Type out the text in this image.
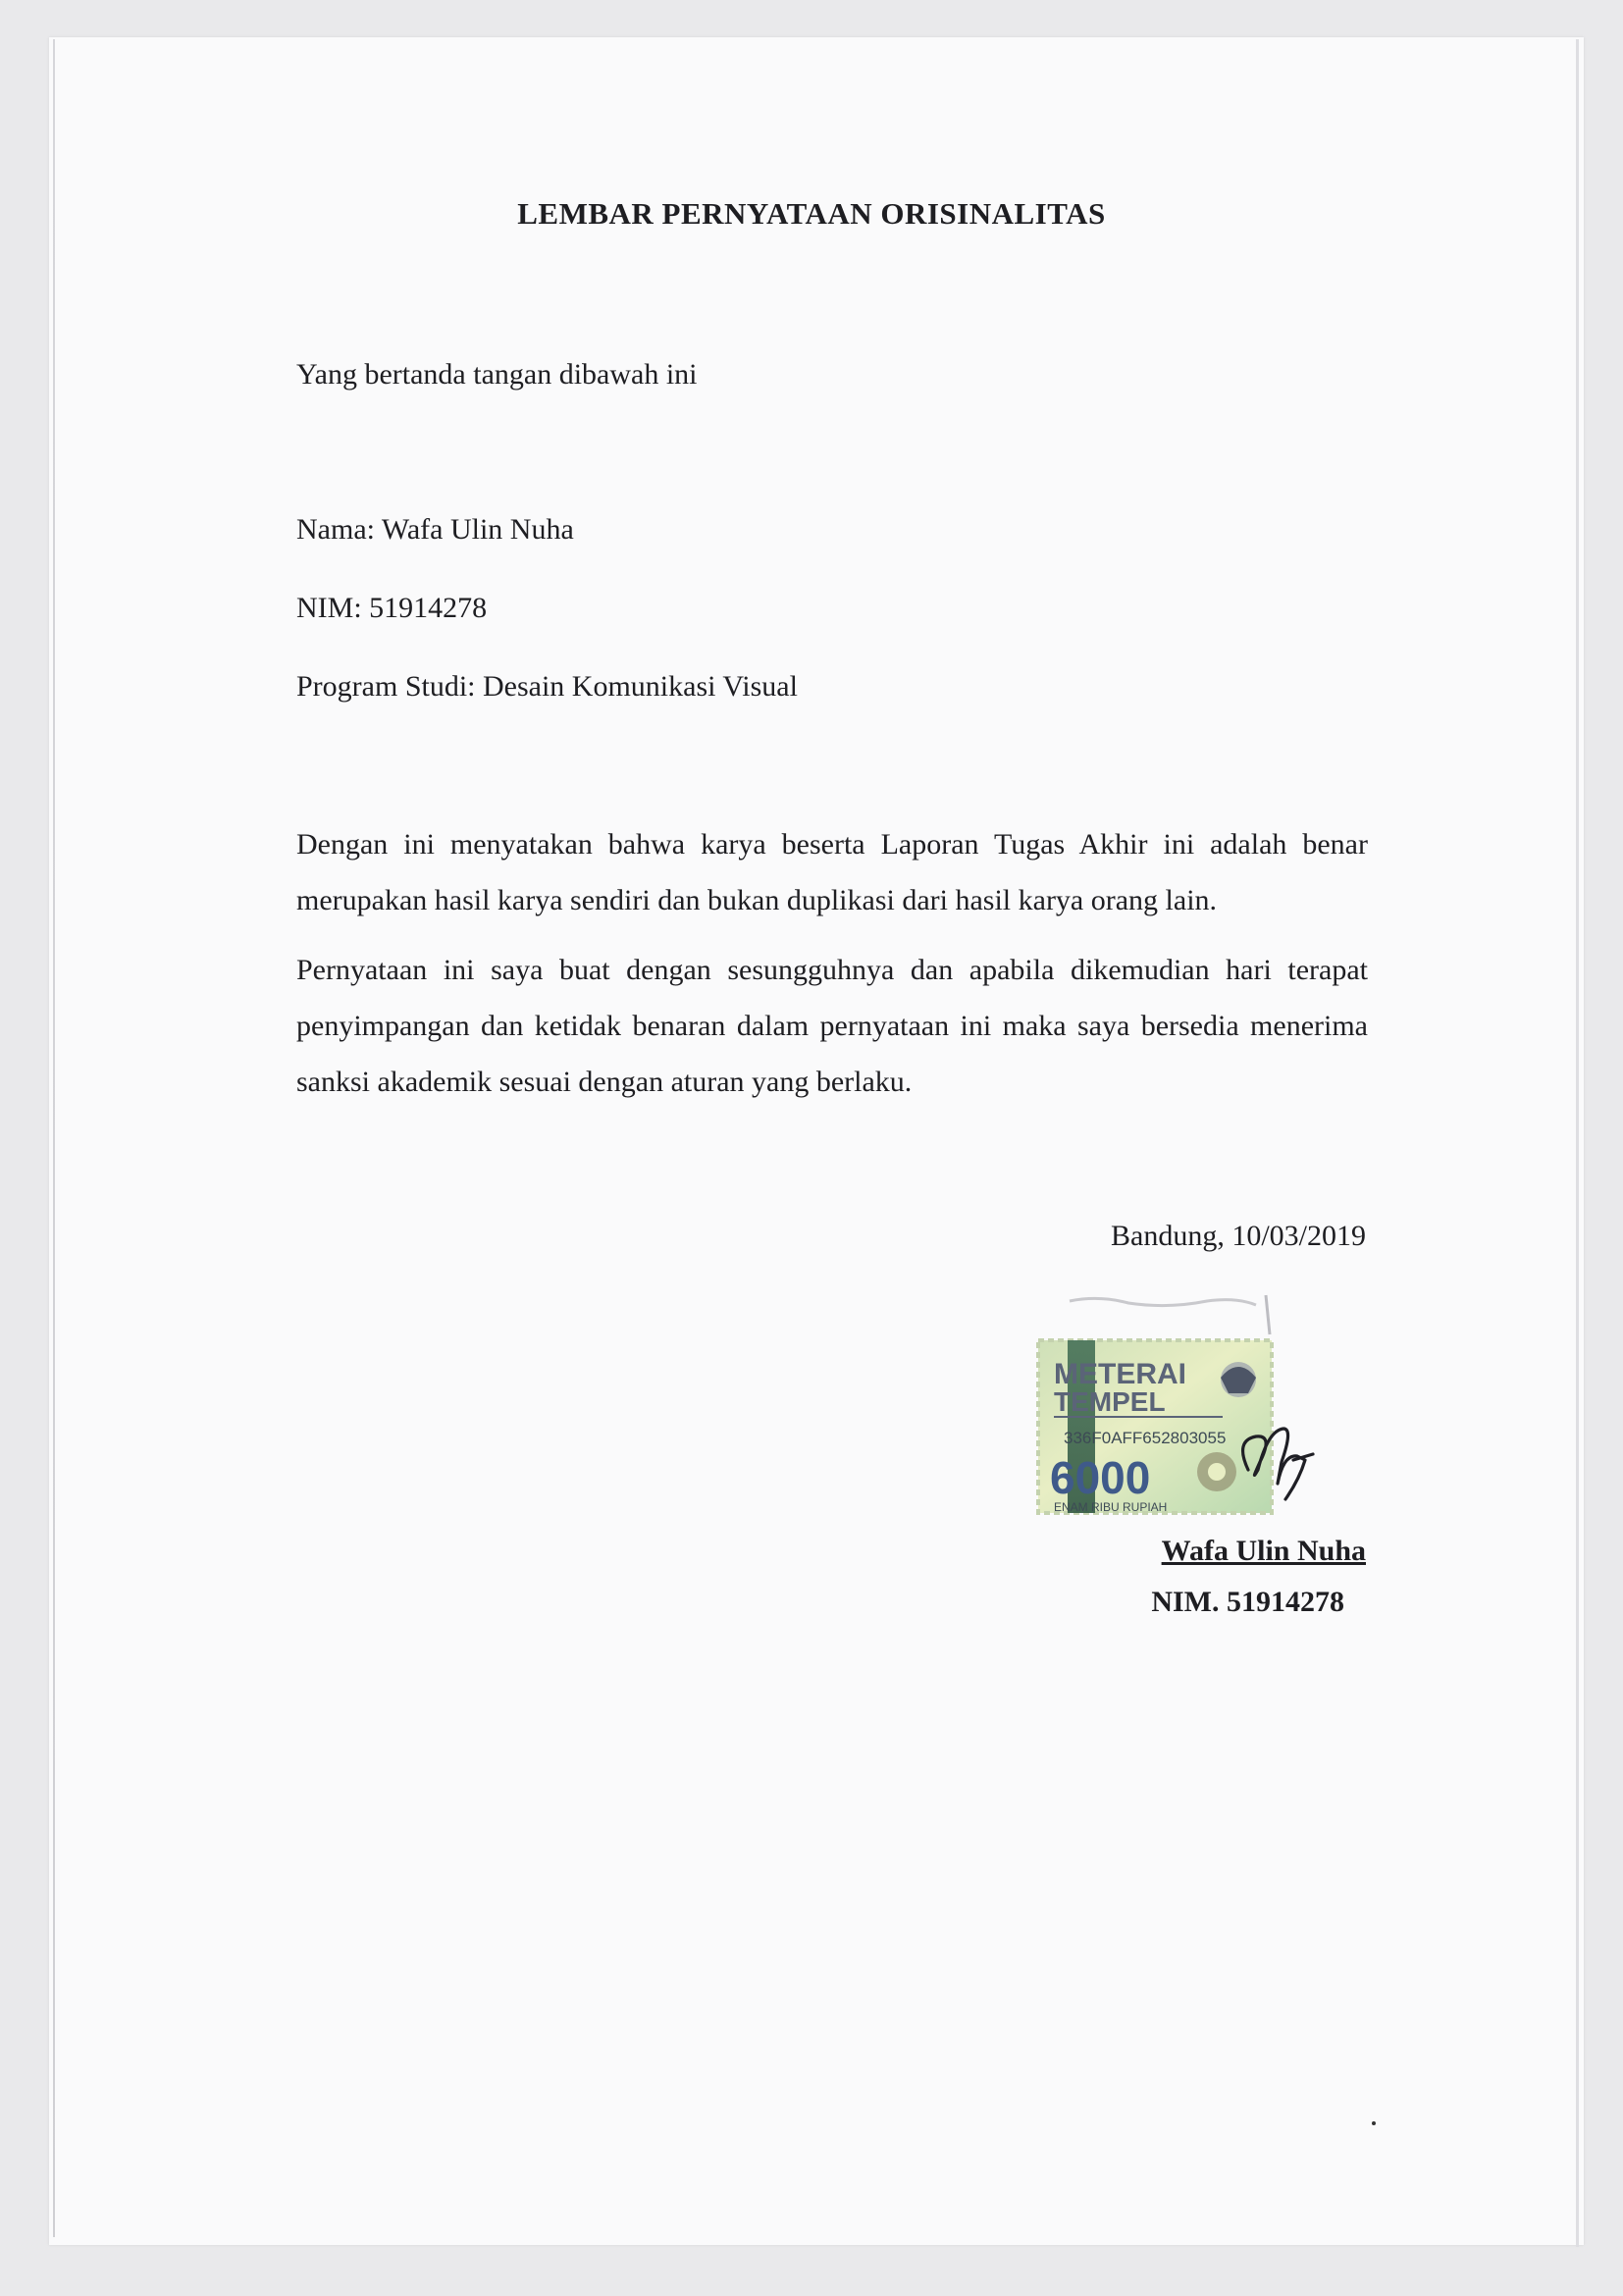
LEMBAR PERNYATAAN ORISINALITAS
Yang bertanda tangan dibawah ini
Nama: Wafa Ulin Nuha
NIM: 51914278
Program Studi: Desain Komunikasi Visual
Dengan ini menyatakan bahwa karya beserta Laporan Tugas Akhir ini adalah benar merupakan hasil karya sendiri dan bukan duplikasi dari hasil karya orang lain.
Pernyataan ini saya buat dengan sesungguhnya dan apabila dikemudian hari terapat penyimpangan dan ketidak benaran dalam pernyataan ini maka saya bersedia menerima sanksi akademik sesuai dengan aturan yang berlaku.
Bandung, 10/03/2019
METERAI
TEMPEL
336F0AFF652803055
6000
ENAM RIBU RUPIAH
Wafa Ulin Nuha
NIM. 51914278
